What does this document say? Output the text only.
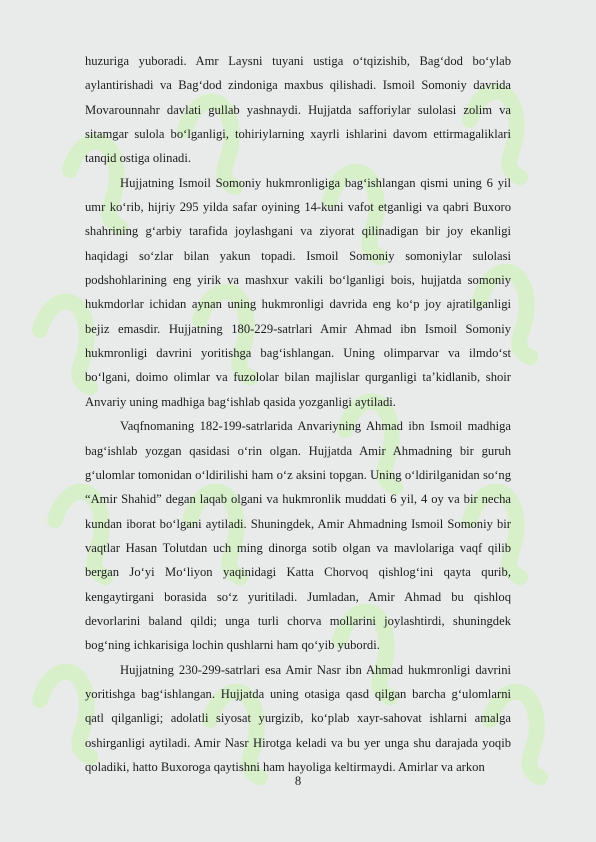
huzuriga yuboradi. Amr Laysni tuyani ustiga o‘tqizishib, Bag‘dod bo‘ylab aylantirishadi va Bag‘dod zindoniga maxbus qilishadi. Ismoil Somoniy davrida Movarounnahr davlati gullab yashnaydi. Hujjatda safforiylar sulolasi zolim va sitamgar sulola bo‘lganligi, tohiriylarning xayrli ishlarini davom ettirmagaliklari tanqid ostiga olinadi.

Hujjatning Ismoil Somoniy hukmronligiga bag‘ishlangan qismi uning 6 yil umr ko‘rib, hijriy 295 yilda safar oyining 14-kuni vafot etganligi va qabri Buxoro shahrining g‘arbiy tarafida joylashgani va ziyorat qilinadigan bir joy ekanligi haqidagi so‘zlar bilan yakun topadi. Ismoil Somoniy somoniylar sulolasi podshohlarining eng yirik va mashxur vakili bo‘lganligi bois, hujjatda somoniy hukmdorlar ichidan aynan uning hukmronligi davrida eng ko‘p joy ajratilganligi bejiz emasdir. Hujjatning 180-229-satrlari Amir Ahmad ibn Ismoil Somoniy hukmronligi davrini yoritishga bag‘ishlangan. Uning olimparvar va ilmdo‘st bo‘lgani, doimo olimlar va fuzololar bilan majlislar qurganligi ta’kidlanib, shoir Anvariy uning madhiga bag‘ishlab qasida yozganligi aytiladi.

Vaqfnomaning 182-199-satrlarida Anvariyning Ahmad ibn Ismoil madhiga bag‘ishlab yozgan qasidasi o‘rin olgan. Hujjatda Amir Ahmadning bir guruh g‘ulomlar tomonidan o‘ldirilishi ham o‘z aksini topgan. Uning o‘ldirilganidan so‘ng “Amir Shahid” degan laqab olgani va hukmronlik muddati 6 yil, 4 oy va bir necha kundan iborat bo‘lgani aytiladi. Shuningdek, Amir Ahmadning Ismoil Somoniy bir vaqtlar Hasan Tolutdan uch ming dinorga sotib olgan va mavlolariga vaqf qilib bergan Jo‘yi Mo‘liyon yaqinidagi Katta Chorvoq qishlog‘ini qayta qurib, kengaytirgani borasida so‘z yuritiladi. Jumladan, Amir Ahmad bu qishloq devorlarini baland qildi; unga turli chorva mollarini joylashtirdi, shuningdek bog‘ning ichkarisiga lochin qushlarni ham qo‘yib yubordi.

Hujjatning 230-299-satrlari esa Amir Nasr ibn Ahmad hukmronligi davrini yoritishga bag‘ishlangan. Hujjatda uning otasiga qasd qilgan barcha g‘ulomlarni qatl qilganligi; adolatli siyosat yurgizib, ko‘plab xayr-sahovat ishlarni amalga oshirganligi aytiladi. Amir Nasr Hirotga keladi va bu yer unga shu darajada yoqib qoladiki, hatto Buxoroga qaytishni ham hayoliga keltirmaydi. Amirlar va arkon

8
